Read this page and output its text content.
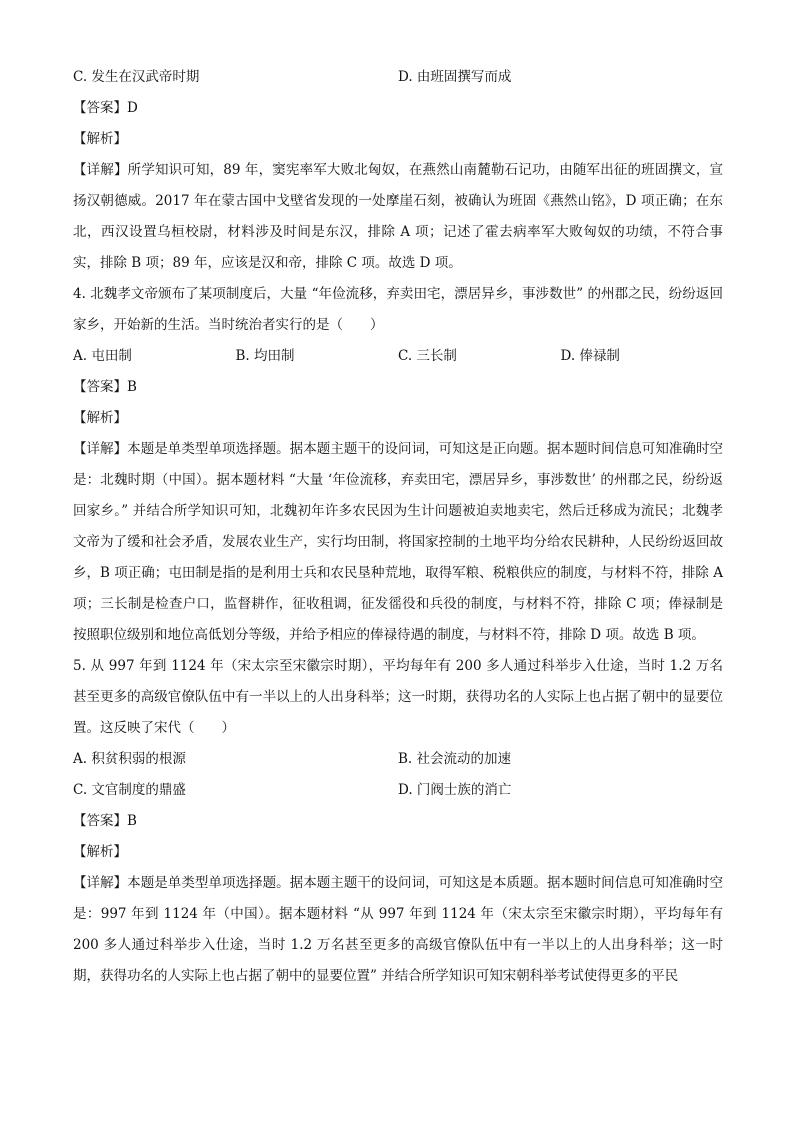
C. 发生在汉武帝时期	D. 由班固撰写而成
【答案】D
【解析】
【详解】所学知识可知，89 年，窦宪率军大败北匈奴，在燕然山南麓勒石记功，由随军出征的班固撰文，宣扬汉朝德威。2017 年在蒙古国中戈壁省发现的一处摩崖石刻，被确认为班固《燕然山铭》，D 项正确；在东北，西汉设置乌桓校尉，材料涉及时间是东汉，排除 A 项；记述了霍去病率军大败匈奴的功绩，不符合事实，排除 B 项；89 年，应该是汉和帝，排除 C 项。故选 D 项。
4. 北魏孝文帝颁布了某项制度后，大量 “年俭流移，弃卖田宅，漂居异乡，事涉数世” 的州郡之民，纷纷返回家乡，开始新的生活。当时统治者实行的是（　　）
A. 屯田制	B. 均田制	C. 三长制	D. 俸禄制
【答案】B
【解析】
【详解】本题是单类型单项选择题。据本题主题干的设问词，可知这是正向题。据本题时间信息可知准确时空是：北魏时期（中国）。据本题材料 “大量 ‘年俭流移，弃卖田宅，漂居异乡，事涉数世’ 的州郡之民，纷纷返回家乡。” 并结合所学知识可知，北魏初年许多农民因为生计问题被迫卖地卖宅，然后迁移成为流民；北魏孝文帝为了缓和社会矛盾，发展农业生产，实行均田制，将国家控制的土地平均分给农民耕种，人民纷纷返回故乡，B 项正确；屯田制是指的是利用士兵和农民垦种荒地，取得军粮、税粮供应的制度，与材料不符，排除 A 项；三长制是检查户口，监督耕作，征收租调，征发徭役和兵役的制度，与材料不符，排除 C 项；俸禄制是按照职位级别和地位高低划分等级，并给予相应的俸禄待遇的制度，与材料不符，排除 D 项。故选 B 项。
5. 从 997 年到 1124 年（宋太宗至宋徽宗时期），平均每年有 200 多人通过科举步入仕途，当时 1.2 万名甚至更多的高级官僚队伍中有一半以上的人出身科举；这一时期，获得功名的人实际上也占据了朝中的显要位置。这反映了宋代（　　）
A. 积贫积弱的根源	B. 社会流动的加速
C. 文官制度的鼎盛	D. 门阀士族的消亡
【答案】B
【解析】
【详解】本题是单类型单项选择题。据本题主题干的设问词，可知这是本质题。据本题时间信息可知准确时空是：997 年到 1124 年（中国）。据本题材料 “从 997 年到 1124 年（宋太宗至宋徽宗时期），平均每年有 200 多人通过科举步入仕途，当时 1.2 万名甚至更多的高级官僚队伍中有一半以上的人出身科举；这一时期，获得功名的人实际上也占据了朝中的显要位置” 并结合所学知识可知宋朝科举考试使得更多的平民
